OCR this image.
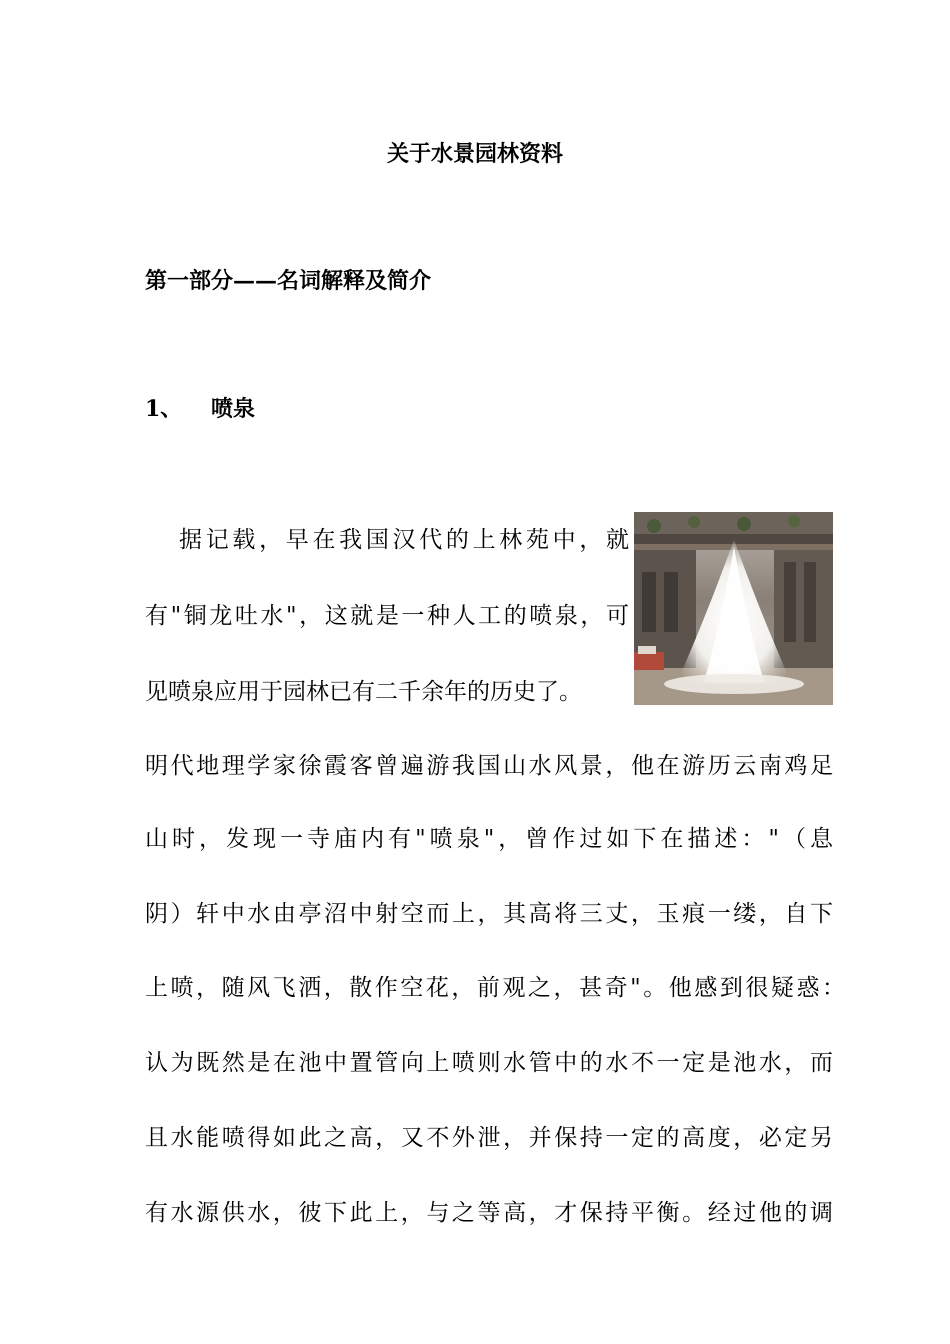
关于水景园林资料
第一部分——名词解释及简介
1、 喷泉
据记载，早在我国汉代的上林苑中，就
有"铜龙吐水"，这就是一种人工的喷泉，可
见喷泉应用于园林已有二千余年的历史了。
明代地理学家徐霞客曾遍游我国山水风景，他在游历云南鸡足
山时，发现一寺庙内有"喷泉"，曾作过如下在描述："（息
阴）轩中水由亭沼中射空而上，其高将三丈，玉痕一缕，自下
上喷，随风飞洒，散作空花，前观之，甚奇"。他感到很疑惑：
认为既然是在池中置管向上喷则水管中的水不一定是池水，而
且水能喷得如此之高，又不外泄，并保持一定的高度，必定另
有水源供水，彼下此上，与之等高，才保持平衡。经过他的调
